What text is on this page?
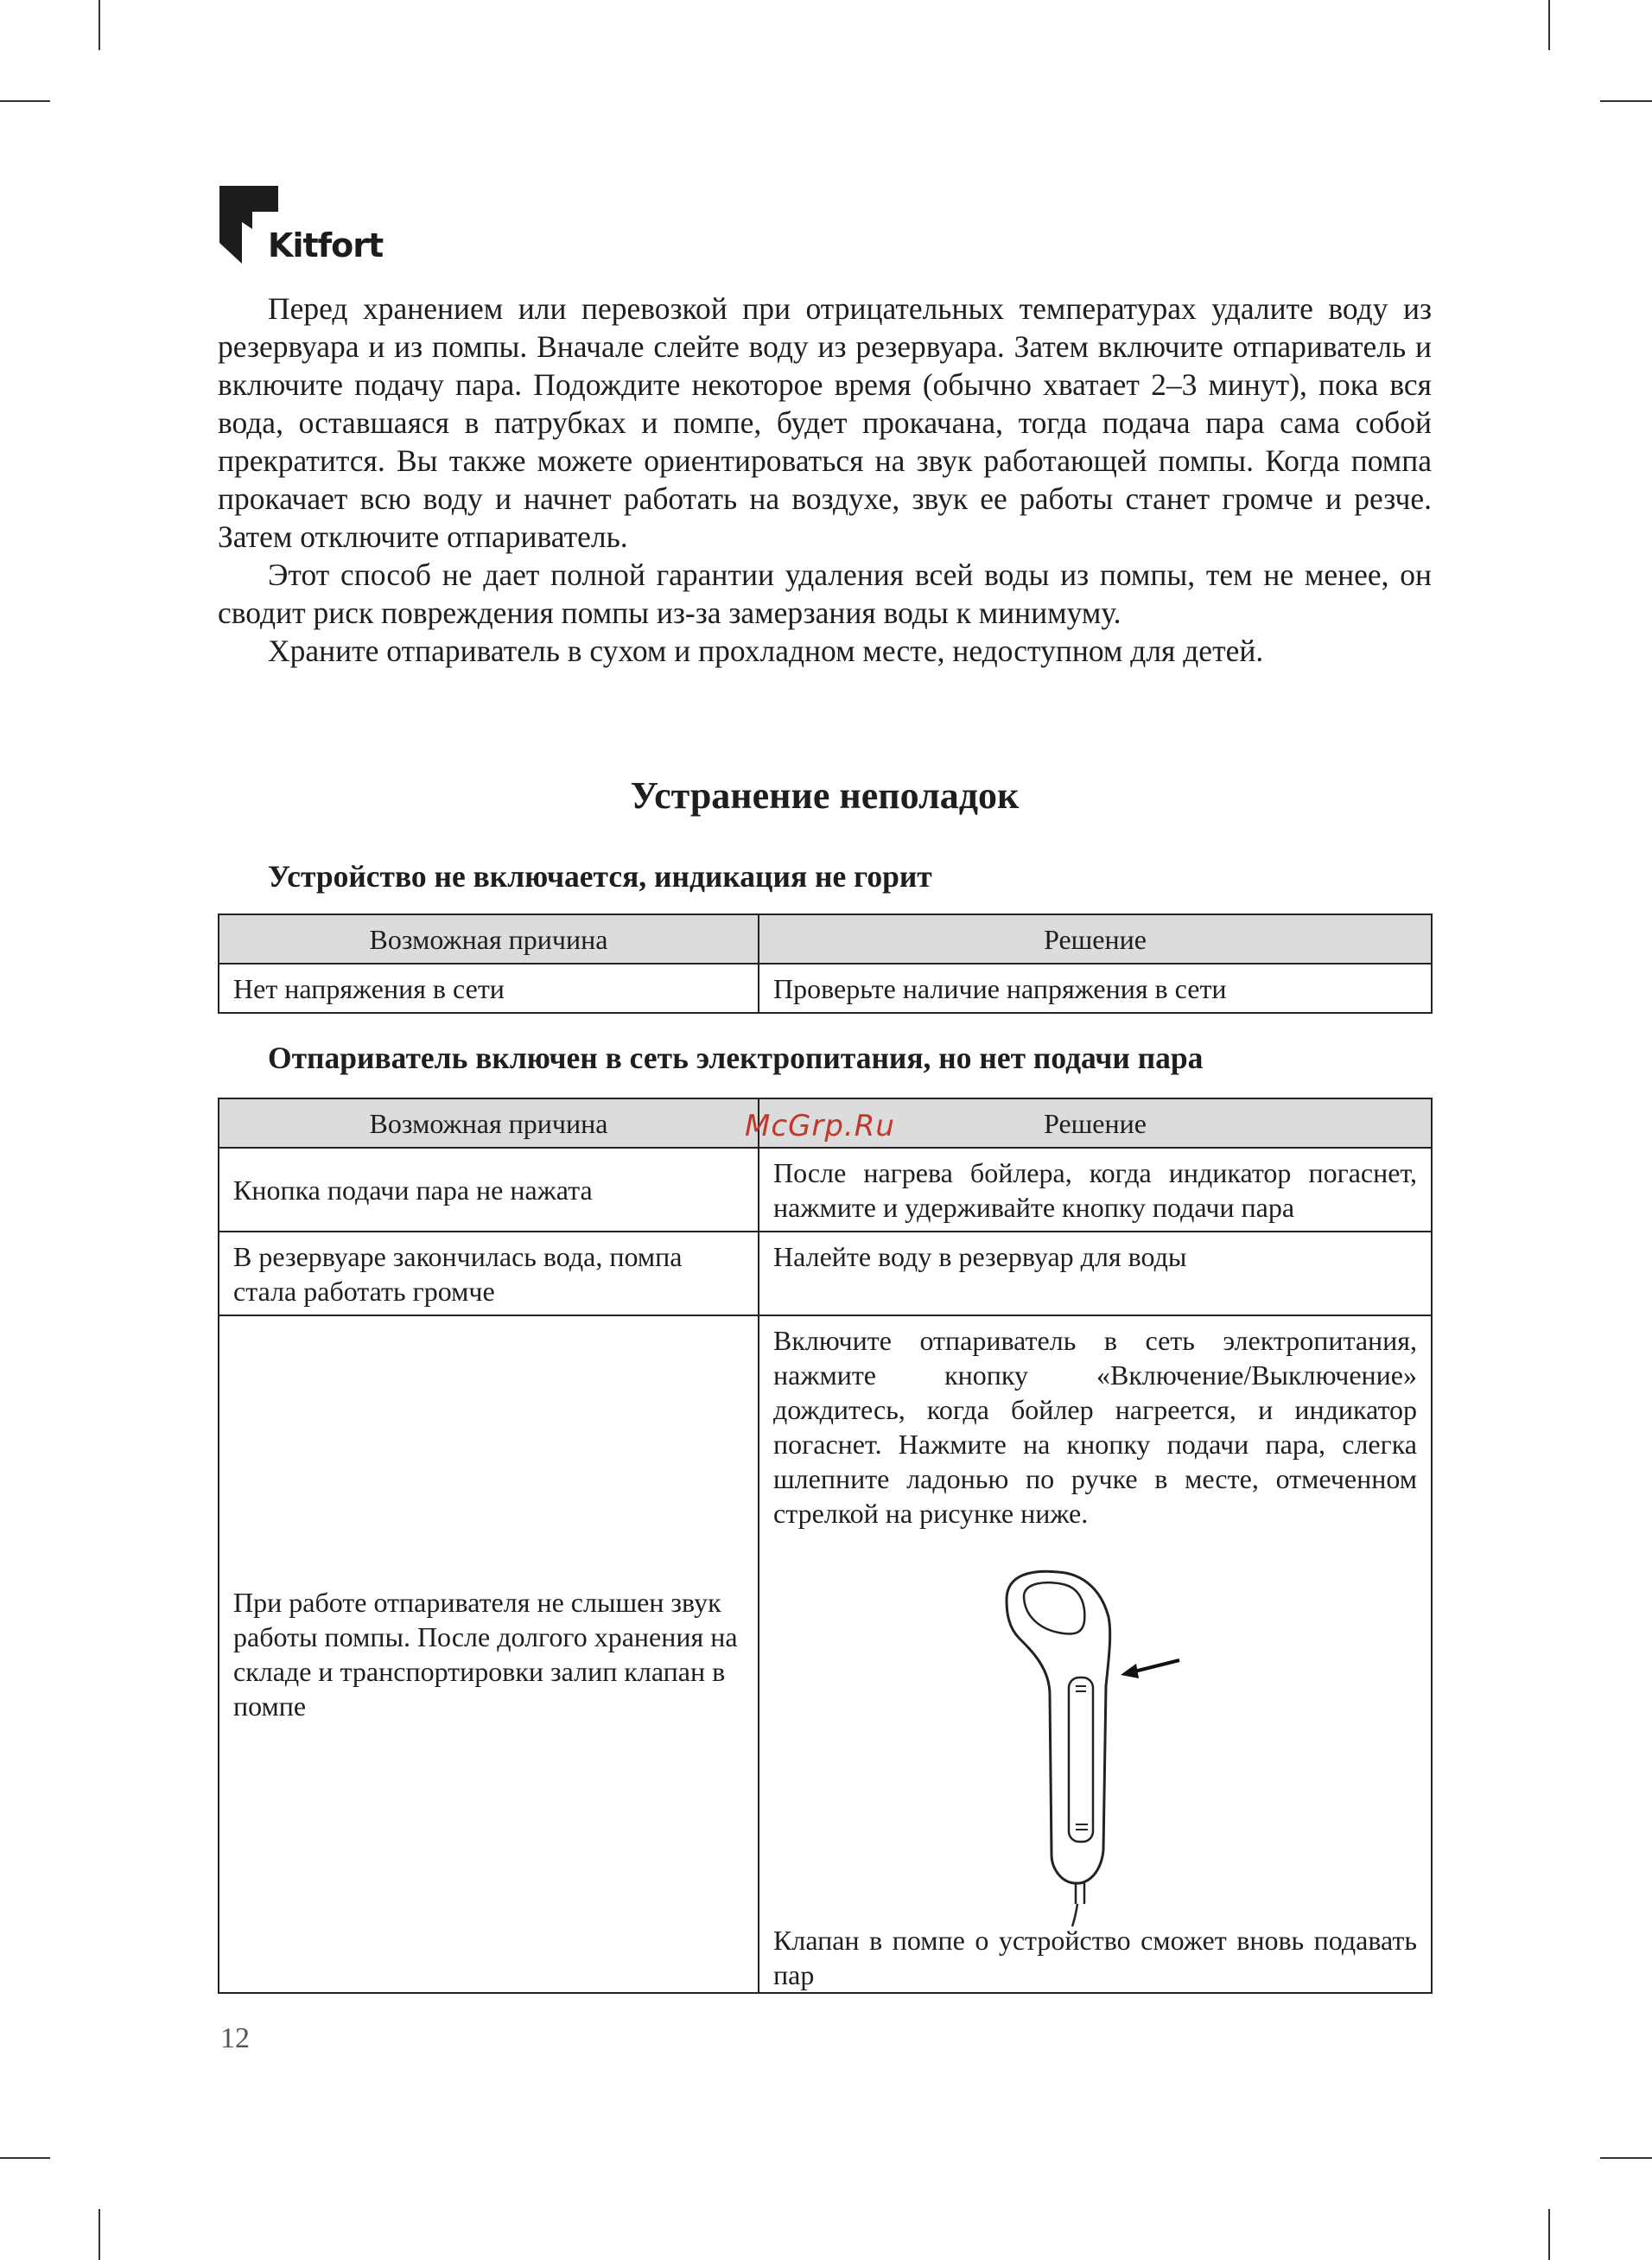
Kitfort

Перед хранением или перевозкой при отрицательных температурах удалите воду из резервуара и из помпы. Вначале слейте воду из резервуара. Затем включите отпариватель и включите подачу пара. Подождите некоторое время (обычно хватает 2–3 минут), пока вся вода, оставшаяся в патрубках и помпе, будет прокачана, тогда подача пара сама собой прекратится. Вы также можете ориентироваться на звук работающей помпы. Когда помпа прокачает всю воду и начнет работать на воздухе, звук ее работы станет громче и резче. Затем отключите отпариватель.

Этот способ не дает полной гарантии удаления всей воды из помпы, тем не менее, он сводит риск повреждения помпы из-за замерзания воды к минимуму.

Храните отпариватель в сухом и прохладном месте, недоступном для детей.

Устранение неполадок
Устройство не включается, индикация не горит
Возможная причина	Решение
Нет напряжения в сети	Проверьте наличие напряжения в сети
Отпариватель включен в сеть электропитания, но нет подачи пара
Возможная причина	Решение
Кнопка подачи пара не нажата	После нагрева бойлера, когда индикатор погаснет, нажмите и удерживайте кнопку подачи пара
В резервуаре закончилась вода, помпа стала работать громче	Налейте воду в резервуар для воды
При работе отпаривателя не слышен звук работы помпы. После долгого хранения на складе и транспортировки залип клапан в помпе	Включите отпариватель в сеть электропитания, нажмите кнопку «Включение/Выключение» дождитесь, когда бойлер нагреется, и индикатор погаснет. Нажмите на кнопку подачи пара, слегка шлепните ладонью по ручке в месте, отмеченном стрелкой на рисунке ниже.
Клапан в помпе о устройство сможет вновь подавать пар
McGrp.Ru
12
